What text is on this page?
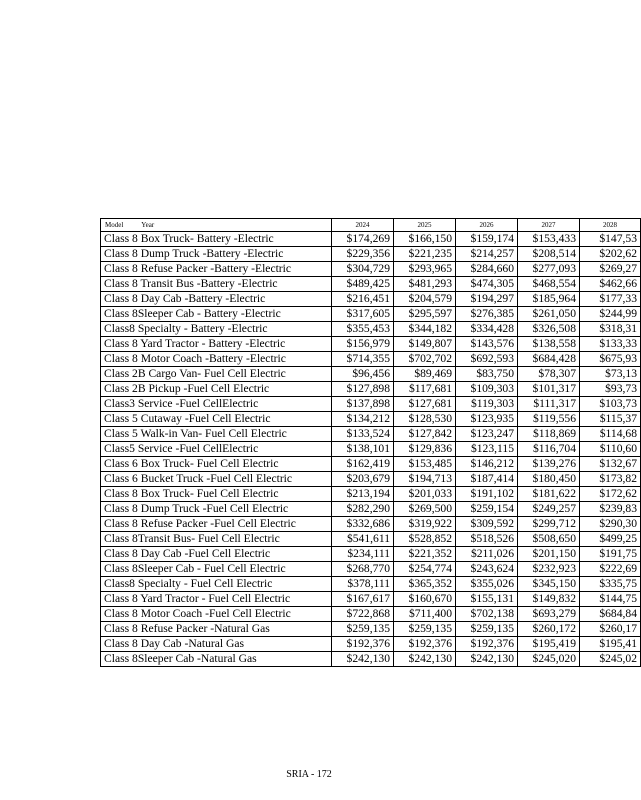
Model Year	2024	2025	2026	2027	2028
Class 8 Box Truck- Battery -Electric	$174,269	$166,150	$159,174	$153,433	$147,53
Class 8 Dump Truck -Battery -Electric	$229,356	$221,235	$214,257	$208,514	$202,62
Class 8 Refuse Packer -Battery -Electric	$304,729	$293,965	$284,660	$277,093	$269,27
Class 8 Transit Bus -Battery -Electric	$489,425	$481,293	$474,305	$468,554	$462,66
Class 8 Day Cab -Battery -Electric	$216,451	$204,579	$194,297	$185,964	$177,33
Class 8Sleeper Cab - Battery -Electric	$317,605	$295,597	$276,385	$261,050	$244,99
Class8 Specialty - Battery -Electric	$355,453	$344,182	$334,428	$326,508	$318,31
Class 8 Yard Tractor - Battery -Electric	$156,979	$149,807	$143,576	$138,558	$133,33
Class 8 Motor Coach -Battery -Electric	$714,355	$702,702	$692,593	$684,428	$675,93
Class 2B Cargo Van- Fuel Cell Electric	$96,456	$89,469	$83,750	$78,307	$73,13
Class 2B Pickup -Fuel Cell Electric	$127,898	$117,681	$109,303	$101,317	$93,73
Class3 Service -Fuel CellElectric	$137,898	$127,681	$119,303	$111,317	$103,73
Class 5 Cutaway -Fuel Cell Electric	$134,212	$128,530	$123,935	$119,556	$115,37
Class 5 Walk-in Van- Fuel Cell Electric	$133,524	$127,842	$123,247	$118,869	$114,68
Class5 Service -Fuel CellElectric	$138,101	$129,836	$123,115	$116,704	$110,60
Class 6 Box Truck- Fuel Cell Electric	$162,419	$153,485	$146,212	$139,276	$132,67
Class 6 Bucket Truck -Fuel Cell Electric	$203,679	$194,713	$187,414	$180,450	$173,82
Class 8 Box Truck- Fuel Cell Electric	$213,194	$201,033	$191,102	$181,622	$172,62
Class 8 Dump Truck -Fuel Cell Electric	$282,290	$269,500	$259,154	$249,257	$239,83
Class 8 Refuse Packer -Fuel Cell Electric	$332,686	$319,922	$309,592	$299,712	$290,30
Class 8Transit Bus- Fuel Cell Electric	$541,611	$528,852	$518,526	$508,650	$499,25
Class 8 Day Cab -Fuel Cell Electric	$234,111	$221,352	$211,026	$201,150	$191,75
Class 8Sleeper Cab - Fuel Cell Electric	$268,770	$254,774	$243,624	$232,923	$222,69
Class8 Specialty - Fuel Cell Electric	$378,111	$365,352	$355,026	$345,150	$335,75
Class 8 Yard Tractor - Fuel Cell Electric	$167,617	$160,670	$155,131	$149,832	$144,75
Class 8 Motor Coach -Fuel Cell Electric	$722,868	$711,400	$702,138	$693,279	$684,84
Class 8 Refuse Packer -Natural Gas	$259,135	$259,135	$259,135	$260,172	$260,17
Class 8 Day Cab -Natural Gas	$192,376	$192,376	$192,376	$195,419	$195,41
Class 8Sleeper Cab -Natural Gas	$242,130	$242,130	$242,130	$245,020	$245,02
SRIA - 172
